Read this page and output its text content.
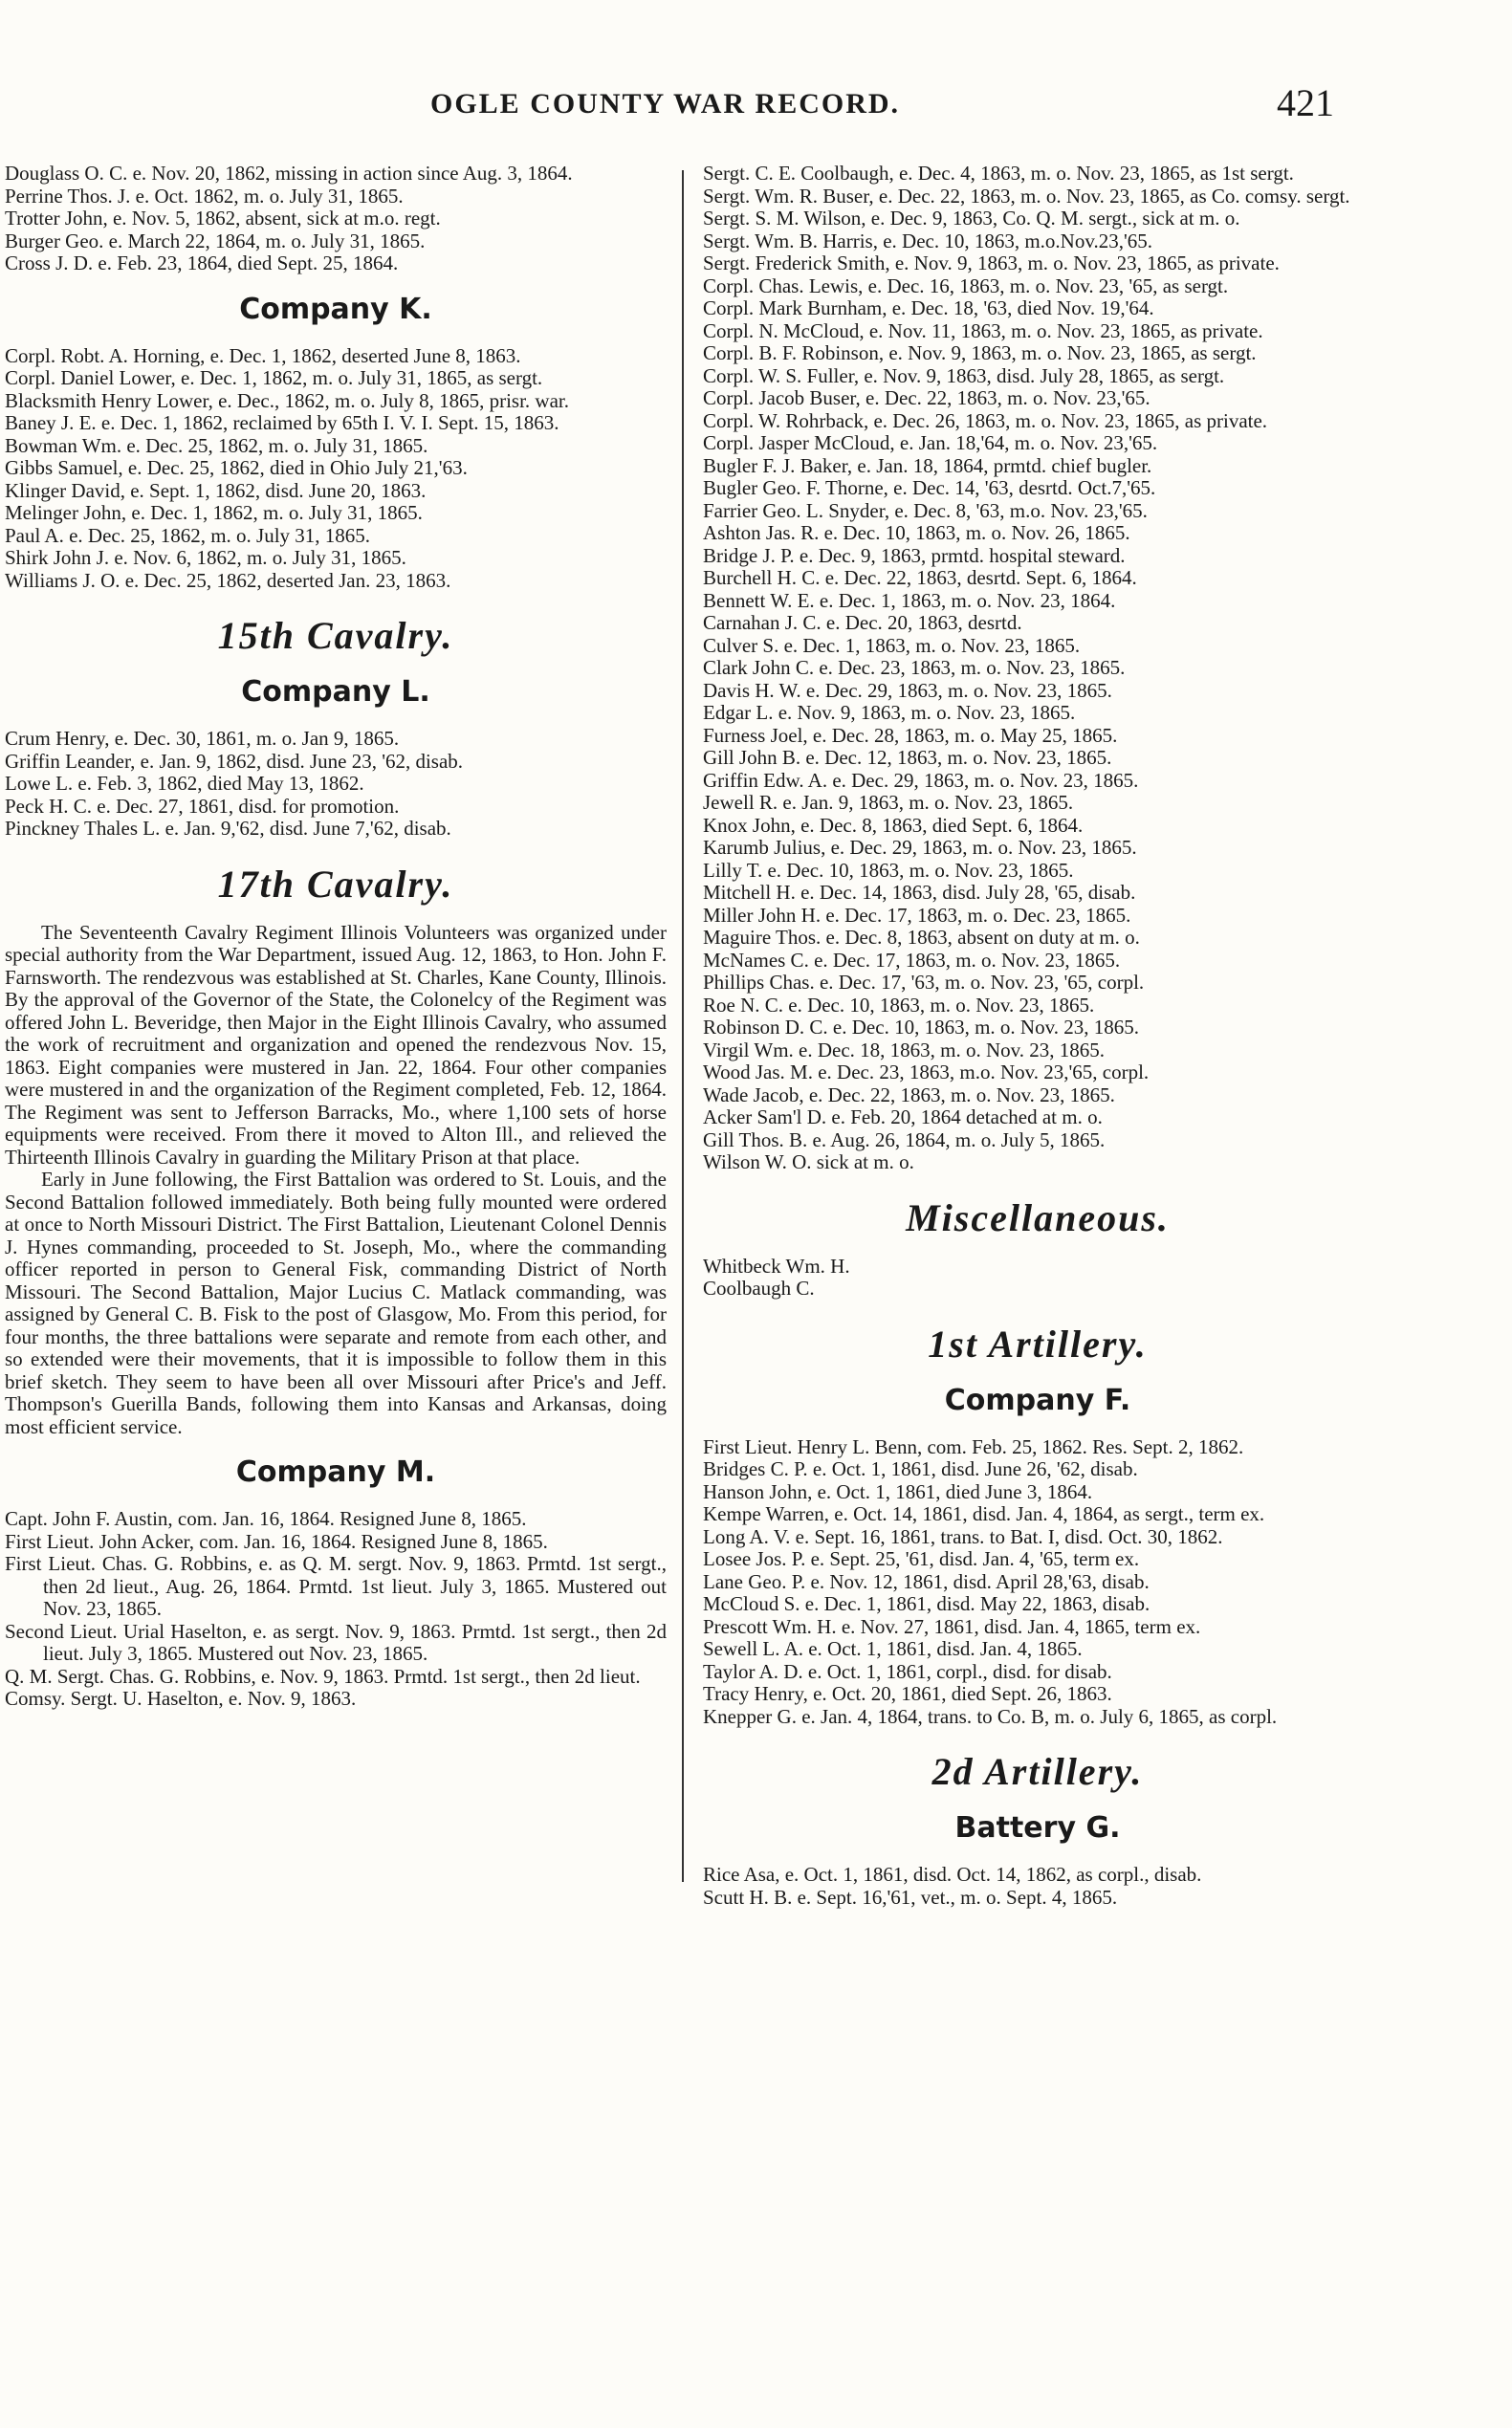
OGLE COUNTY WAR RECORD.	421
Douglass O. C. e. Nov. 20, 1862, missing in action since Aug. 3, 1864.
Perrine Thos. J. e. Oct. 1862, m. o. July 31, 1865.
Trotter John, e. Nov. 5, 1862, absent, sick at m.o. regt.
Burger Geo. e. March 22, 1864, m. o. July 31, 1865.
Cross J. D. e. Feb. 23, 1864, died Sept. 25, 1864.
Company K.
Corpl. Robt. A. Horning, e. Dec. 1, 1862, deserted June 8, 1863.
Corpl. Daniel Lower, e. Dec. 1, 1862, m. o. July 31, 1865, as sergt.
Blacksmith Henry Lower, e. Dec., 1862, m. o. July 8, 1865, prisr. war.
Baney J. E. e. Dec. 1, 1862, reclaimed by 65th I. V. I. Sept. 15, 1863.
Bowman Wm. e. Dec. 25, 1862, m. o. July 31, 1865.
Gibbs Samuel, e. Dec. 25, 1862, died in Ohio July 21,'63.
Klinger David, e. Sept. 1, 1862, disd. June 20, 1863.
Melinger John, e. Dec. 1, 1862, m. o. July 31, 1865.
Paul A. e. Dec. 25, 1862, m. o. July 31, 1865.
Shirk John J. e. Nov. 6, 1862, m. o. July 31, 1865.
Williams J. O. e. Dec. 25, 1862, deserted Jan. 23, 1863.
15th Cavalry.
Company L.
Crum Henry, e. Dec. 30, 1861, m. o. Jan 9, 1865.
Griffin Leander, e. Jan. 9, 1862, disd. June 23, '62, disab.
Lowe L. e. Feb. 3, 1862, died May 13, 1862.
Peck H. C. e. Dec. 27, 1861, disd. for promotion.
Pinckney Thales L. e. Jan. 9,'62, disd. June 7,'62, disab.
17th Cavalry.
The Seventeenth Cavalry Regiment Illinois Volunteers was organized under special authority from the War Department, issued Aug. 12, 1863, to Hon. John F. Farnsworth. The rendezvous was established at St. Charles, Kane County, Illinois. By the approval of the Governor of the State, the Colonelcy of the Regiment was offered John L. Beveridge, then Major in the Eight Illinois Cavalry, who assumed the work of recruitment and organization and opened the rendezvous Nov. 15, 1863. Eight companies were mustered in Jan. 22, 1864. Four other companies were mustered in and the organization of the Regiment completed, Feb. 12, 1864. The Regiment was sent to Jefferson Barracks, Mo., where 1,100 sets of horse equipments were received. From there it moved to Alton Ill., and relieved the Thirteenth Illinois Cavalry in guarding the Military Prison at that place.
Early in June following, the First Battalion was ordered to St. Louis, and the Second Battalion followed immediately. Both being fully mounted were ordered at once to North Missouri District. The First Battalion, Lieutenant Colonel Dennis J. Hynes commanding, proceeded to St. Joseph, Mo., where the commanding officer reported in person to General Fisk, commanding District of North Missouri. The Second Battalion, Major Lucius C. Matlack commanding, was assigned by General C. B. Fisk to the post of Glasgow, Mo. From this period, for four months, the three battalions were separate and remote from each other, and so extended were their movements, that it is impossible to follow them in this brief sketch. They seem to have been all over Missouri after Price's and Jeff. Thompson's Guerilla Bands, following them into Kansas and Arkansas, doing most efficient service.
Company M.
Capt. John F. Austin, com. Jan. 16, 1864. Resigned June 8, 1865.
First Lieut. John Acker, com. Jan. 16, 1864. Resigned June 8, 1865.
First Lieut. Chas. G. Robbins, e. as Q. M. sergt. Nov. 9, 1863. Prmtd. 1st sergt., then 2d lieut., Aug. 26, 1864. Prmtd. 1st lieut. July 3, 1865. Mustered out Nov. 23, 1865.
Second Lieut. Urial Haselton, e. as sergt. Nov. 9, 1863. Prmtd. 1st sergt., then 2d lieut. July 3, 1865. Mustered out Nov. 23, 1865.
Q. M. Sergt. Chas. G. Robbins, e. Nov. 9, 1863. Prmtd. 1st sergt., then 2d lieut.
Comsy. Sergt. U. Haselton, e. Nov. 9, 1863.
Sergt. C. E. Coolbaugh, e. Dec. 4, 1863, m. o. Nov. 23, 1865, as 1st sergt.
Sergt. Wm. R. Buser, e. Dec. 22, 1863, m. o. Nov. 23, 1865, as Co. comsy. sergt.
Sergt. S. M. Wilson, e. Dec. 9, 1863, Co. Q. M. sergt., sick at m. o.
Sergt. Wm. B. Harris, e. Dec. 10, 1863, m.o.Nov.23,'65.
Sergt. Frederick Smith, e. Nov. 9, 1863, m. o. Nov. 23, 1865, as private.
Corpl. Chas. Lewis, e. Dec. 16, 1863, m. o. Nov. 23, '65, as sergt.
Corpl. Mark Burnham, e. Dec. 18, '63, died Nov. 19,'64.
Corpl. N. McCloud, e. Nov. 11, 1863, m. o. Nov. 23, 1865, as private.
Corpl. B. F. Robinson, e. Nov. 9, 1863, m. o. Nov. 23, 1865, as sergt.
Corpl. W. S. Fuller, e. Nov. 9, 1863, disd. July 28, 1865, as sergt.
Corpl. Jacob Buser, e. Dec. 22, 1863, m. o. Nov. 23,'65.
Corpl. W. Rohrback, e. Dec. 26, 1863, m. o. Nov. 23, 1865, as private.
Corpl. Jasper McCloud, e. Jan. 18,'64, m. o. Nov. 23,'65.
Bugler F. J. Baker, e. Jan. 18, 1864, prmtd. chief bugler.
Bugler Geo. F. Thorne, e. Dec. 14, '63, desrtd. Oct.7,'65.
Farrier Geo. L. Snyder, e. Dec. 8, '63, m.o. Nov. 23,'65.
Ashton Jas. R. e. Dec. 10, 1863, m. o. Nov. 26, 1865.
Bridge J. P. e. Dec. 9, 1863, prmtd. hospital steward.
Burchell H. C. e. Dec. 22, 1863, desrtd. Sept. 6, 1864.
Bennett W. E. e. Dec. 1, 1863, m. o. Nov. 23, 1864.
Carnahan J. C. e. Dec. 20, 1863, desrtd.
Culver S. e. Dec. 1, 1863, m. o. Nov. 23, 1865.
Clark John C. e. Dec. 23, 1863, m. o. Nov. 23, 1865.
Davis H. W. e. Dec. 29, 1863, m. o. Nov. 23, 1865.
Edgar L. e. Nov. 9, 1863, m. o. Nov. 23, 1865.
Furness Joel, e. Dec. 28, 1863, m. o. May 25, 1865.
Gill John B. e. Dec. 12, 1863, m. o. Nov. 23, 1865.
Griffin Edw. A. e. Dec. 29, 1863, m. o. Nov. 23, 1865.
Jewell R. e. Jan. 9, 1863, m. o. Nov. 23, 1865.
Knox John, e. Dec. 8, 1863, died Sept. 6, 1864.
Karumb Julius, e. Dec. 29, 1863, m. o. Nov. 23, 1865.
Lilly T. e. Dec. 10, 1863, m. o. Nov. 23, 1865.
Mitchell H. e. Dec. 14, 1863, disd. July 28, '65, disab.
Miller John H. e. Dec. 17, 1863, m. o. Dec. 23, 1865.
Maguire Thos. e. Dec. 8, 1863, absent on duty at m. o.
McNames C. e. Dec. 17, 1863, m. o. Nov. 23, 1865.
Phillips Chas. e. Dec. 17, '63, m. o. Nov. 23, '65, corpl.
Roe N. C. e. Dec. 10, 1863, m. o. Nov. 23, 1865.
Robinson D. C. e. Dec. 10, 1863, m. o. Nov. 23, 1865.
Virgil Wm. e. Dec. 18, 1863, m. o. Nov. 23, 1865.
Wood Jas. M. e. Dec. 23, 1863, m.o. Nov. 23,'65, corpl.
Wade Jacob, e. Dec. 22, 1863, m. o. Nov. 23, 1865.
Acker Sam'l D. e. Feb. 20, 1864 detached at m. o.
Gill Thos. B. e. Aug. 26, 1864, m. o. July 5, 1865.
Wilson W. O. sick at m. o.
Miscellaneous.
Whitbeck Wm. H.
Coolbaugh C.
1st Artillery.
Company F.
First Lieut. Henry L. Benn, com. Feb. 25, 1862. Res. Sept. 2, 1862.
Bridges C. P. e. Oct. 1, 1861, disd. June 26, '62, disab.
Hanson John, e. Oct. 1, 1861, died June 3, 1864.
Kempe Warren, e. Oct. 14, 1861, disd. Jan. 4, 1864, as sergt., term ex.
Long A. V. e. Sept. 16, 1861, trans. to Bat. I, disd. Oct. 30, 1862.
Losee Jos. P. e. Sept. 25, '61, disd. Jan. 4, '65, term ex.
Lane Geo. P. e. Nov. 12, 1861, disd. April 28,'63, disab.
McCloud S. e. Dec. 1, 1861, disd. May 22, 1863, disab.
Prescott Wm. H. e. Nov. 27, 1861, disd. Jan. 4, 1865, term ex.
Sewell L. A. e. Oct. 1, 1861, disd. Jan. 4, 1865.
Taylor A. D. e. Oct. 1, 1861, corpl., disd. for disab.
Tracy Henry, e. Oct. 20, 1861, died Sept. 26, 1863.
Knepper G. e. Jan. 4, 1864, trans. to Co. B, m. o. July 6, 1865, as corpl.
2d Artillery.
Battery G.
Rice Asa, e. Oct. 1, 1861, disd. Oct. 14, 1862, as corpl., disab.
Scutt H. B. e. Sept. 16,'61, vet., m. o. Sept. 4, 1865.
